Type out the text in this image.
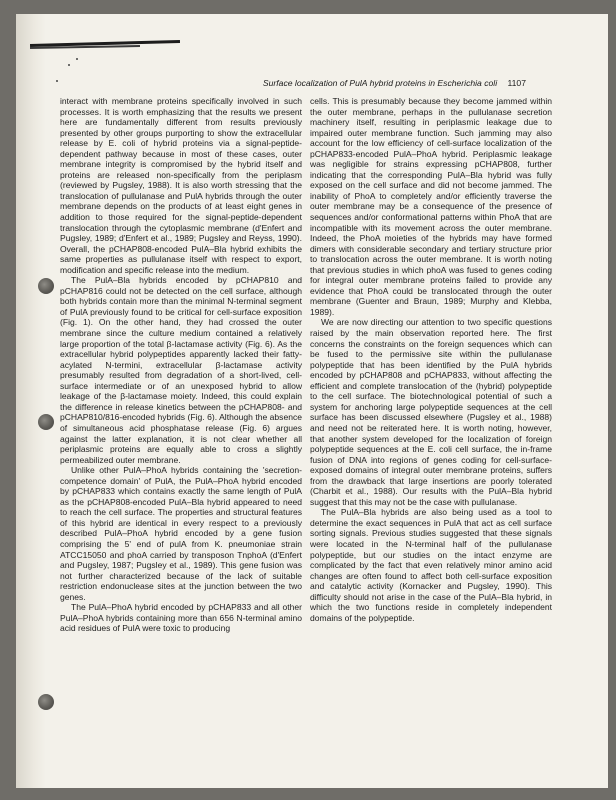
Surface localization of PulA hybrid proteins in Escherichia coli 1107

interact with membrane proteins specifically involved in such processes. It is worth emphasizing that the results we present here are fundamentally different from results previously presented by other groups purporting to show the extracellular release by E. coli of hybrid proteins via a signal-peptide-dependent pathway because in most of these cases, outer membrane integrity is compromised by the hybrid itself and proteins are released non-specifically from the periplasm (reviewed by Pugsley, 1988). It is also worth stressing that the translocation of pullulanase and PulA hybrids through the outer membrane depends on the products of at least eight genes in addition to those required for the signal-peptide-dependent translocation through the cytoplasmic membrane (d'Enfert and Pugsley, 1989; d'Enfert et al., 1989; Pugsley and Reyss, 1990). Overall, the pCHAP808-encoded PulA–Bla hybrid exhibits the same properties as pullulanase itself with respect to export, modification and specific release into the medium.

The PulA–Bla hybrids encoded by pCHAP810 and pCHAP816 could not be detected on the cell surface, although both hybrids contain more than the minimal N-terminal segment of PulA previously found to be critical for cell-surface exposition (Fig. 1). On the other hand, they had crossed the outer membrane since the culture medium contained a relatively large proportion of the total β-lactamase activity (Fig. 6). As the extracellular hybrid polypeptides apparently lacked their fatty-acylated N-termini, extracellular β-lactamase activity presumably resulted from degradation of a short-lived, cell-surface intermediate or of an unexposed hybrid to allow leakage of the β-lactamase moiety. Indeed, this could explain the difference in release kinetics between the pCHAP808- and pCHAP810/816-encoded hybrids (Fig. 6). Although the absence of simultaneous acid phosphatase release (Fig. 6) argues against the latter explanation, it is not clear whether all periplasmic proteins are equally able to cross a slightly permeabilized outer membrane.

Unlike other PulA–PhoA hybrids containing the 'secretion-competence domain' of PulA, the PulA–PhoA hybrid encoded by pCHAP833 which contains exactly the same length of PulA as the pCHAP808-encoded PulA–Bla hybrid appeared to need to reach the cell surface. The properties and structural features of this hybrid are identical in every respect to a previously described PulA–PhoA hybrid encoded by a gene fusion comprising the 5' end of pulA from K. pneumoniae strain ATCC15050 and phoA carried by transposon TnphoA (d'Enfert and Pugsley, 1987; Pugsley et al., 1989). This gene fusion was not further characterized because of the lack of suitable restriction endonuclease sites at the junction between the two genes.

The PulA–PhoA hybrid encoded by pCHAP833 and all other PulA–PhoA hybrids containing more than 656 N-terminal amino acid residues of PulA were toxic to producing

cells. This is presumably because they become jammed within the outer membrane, perhaps in the pullulanase secretion machinery itself, resulting in periplasmic leakage due to impaired outer membrane function. Such jamming may also account for the low efficiency of cell-surface localization of the pCHAP833-encoded PulA–PhoA hybrid. Periplasmic leakage was negligible for strains expressing pCHAP808, further indicating that the corresponding PulA–Bla hybrid was fully exposed on the cell surface and did not become jammed. The inability of PhoA to completely and/or efficiently traverse the outer membrane may be a consequence of the presence of sequences and/or conformational patterns within PhoA that are incompatible with its movement across the outer membrane. Indeed, the PhoA moieties of the hybrids may have formed dimers with considerable secondary and tertiary structure prior to translocation across the outer membrane. It is worth noting that previous studies in which phoA was fused to genes coding for integral outer membrane proteins failed to provide any evidence that PhoA could be translocated through the outer membrane (Guenter and Braun, 1989; Murphy and Klebba, 1989).

We are now directing our attention to two specific questions raised by the main observation reported here. The first concerns the constraints on the foreign sequences which can be fused to the permissive site within the pullulanase polypeptide that has been identified by the PulA hybrids encoded by pCHAP808 and pCHAP833, without affecting the efficient and complete translocation of the (hybrid) polypeptide to the cell surface. The biotechnological potential of such a system for anchoring large polypeptide sequences at the cell surface has been discussed elsewhere (Pugsley et al., 1988) and need not be reiterated here. It is worth noting, however, that another system developed for the localization of foreign polypeptide sequences at the E. coli cell surface, the in-frame fusion of DNA into regions of genes coding for cell-surface-exposed domains of integral outer membrane proteins, suffers from the drawback that large insertions are poorly tolerated (Charbit et al., 1988). Our results with the PulA–Bla hybrid suggest that this may not be the case with pullulanase.

The PulA–Bla hybrids are also being used as a tool to determine the exact sequences in PulA that act as cell surface sorting signals. Previous studies suggested that these signals were located in the N-terminal half of the pullulanase polypeptide, but our studies on the intact enzyme are complicated by the fact that even relatively minor amino acid changes are often found to affect both cell-surface exposition and catalytic activity (Kornacker and Pugsley, 1990). This difficulty should not arise in the case of the PulA–Bla hybrid, in which the two functions reside in completely independent domains of the polypeptide.
